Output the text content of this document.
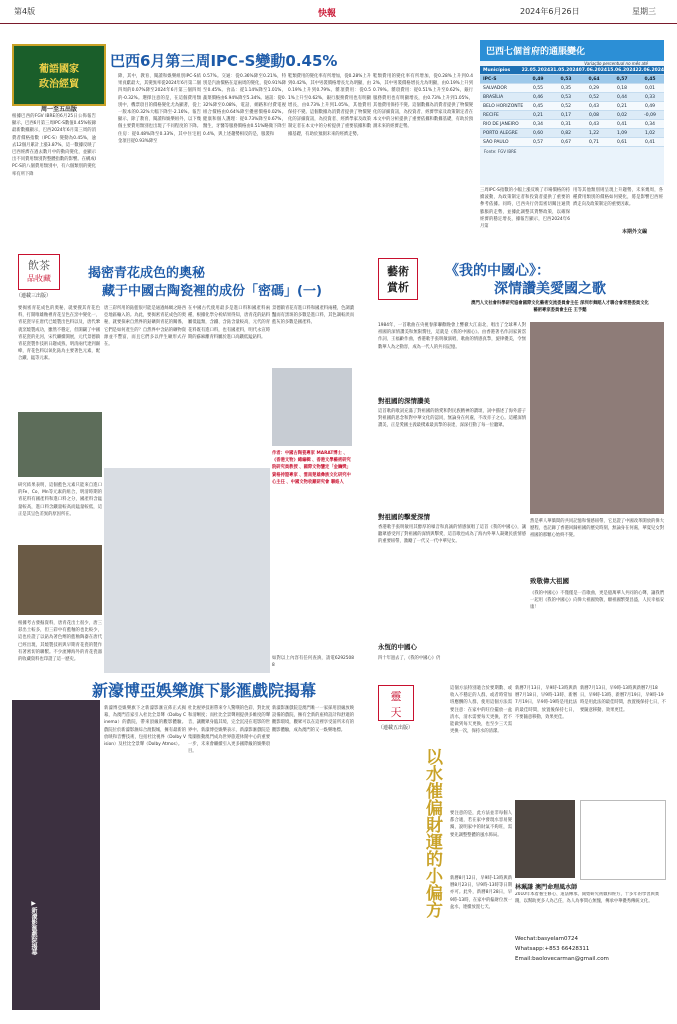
第4版	快報	2024年6月26日	星期三
葡語國家
政治經貿
周一至五出版
巴西6月第三周IPC-S變動0.45%
根據巴西的FGV IBRE的6月25日公佈報告顯示，巴西6月第三周IPC-S數值0.45%較錄最新數據顯示，巴西2024年6月第三周的消費者價格指數（IPC-S）變動為0.45%，逾去12個月累計上漲3.87%，這一數據反映了巴西經濟在過去數月中的動向變化，並顯示出不同費用類別對整體指數的影響。在構成IPC-S的八個費用類別中，有六個類別的變化率有所下降
降，其中，教育、閱讀和娛樂組別IPC-S結果貢獻最大，其變異率從2024年6月第二個四周的0.07%降至2024年6月第三個四周的-0.32%。選擇注意的是，在這個費用類別中，機票項目的價格變化尤為顯著，從上一版本的0.32%大幅下降至-2.16%。報告顯示，除了教育、閱讀和娛樂組外，以下幾個主要費用類別也出現了不同程度的下降。住房：從0.48%降至0.33%，其中住宅租金項目從0.93%降至
0.57%。交通：從0.36%降至0.21%，特別是汽油價格在這兩周的變化，從0.91%降至0.45%。食品：從1.14%降至1.01%，蔬菜價格由6.94%降至5.34%。通訊：從0.32%降至0.08%，電話、網路和付費電視組合價格由0.64%降至優惠價格0.02%。健康和個人護理：從0.73%降至0.67%，醫生、牙醫等服務價格由0.51%略微下降至0.4%，與上述趨勢相反的是，服裝和
鞋類費用的變化率有所增加，從0.28%上升到0.42%，其中男裝價格增長尤為明顯，由0.19%上升到0.79%。雜項費用：從0.51%上升至0.62%，銀行服務費用也有明顯增長，由0.73%上升到1.05%，其他費用保持不變。這個數據為消費者提供了物價變化的詳細資訊，為投資者、經濟學家及政策制定者在本文中的分析提供了重要依據和數據基礎，有助於預測未來的經濟走勢。
鞋類費用的變化率有所增加，從0.28%上升到0.42%，其中男裝價格增長尤為明顯，由0.19%上升到0.79%。雜項費用：從0.51%上升至0.62%，銀行服務費用也有明顯增長，由0.73%上升到1.05%，其他費用保持不變。這個數據為消費者提供了物價變化的詳細資訊，為投資者、經濟學家及政策制定者在本文中的分析提供了重要依據和數據基礎，有助於預測未來的經濟走勢。
三周IPC-S指數的小幅上漲反映了市場價格的持續波動，為政策制定者和投資者提供了重要的參考依據。同時，巴西央行仍需密切關注通貨膨脹的走勢，並據此調整其貨幣政策，以確保經濟的穩定增長，據報告顯示，巴西2024年6月第
用等其他類別則呈現上升趨勢，未來幾周，各種費用類別的價格如何變化，將是影響巴西經濟走向及政策制定的重要因素。
本期外文編
巴西七個首府的通脹變化
Variação percentual no mês até
Municípios	22.05.2024 31.05.2024 07.06.2024 15.06.2024 22.06.2024
IPC-S	0,49	0,53	0,64	0,57	0,45
SALVADOR	0,55	0,35	0,29	0,18	0,01
BRASÍLIA	0,46	0,53	0,52	0,44	0,33
BELO HORIZONTE	0,45	0,52	0,43	0,21	0,49
RECIFE	0,21	0,17	0,08	0,02	-0,09
RIO DE JANEIRO	0,34	0,31	0,43	0,41	0,34
PORTO ALEGRE	0,60	0,82	1,22	1,09	1,02
SÃO PAULO	0,57	0,67	0,71	0,61	0,41
Fonte: FGV IBRE
飲茶
品收藏
（連載三出版）
揭密青花成色的奧秘
藏于中國古陶瓷裡的成份「密碼」(一)
要揭密青花成色的奧秘，就要搜其青花色料，打開唯雄釉裡青花呈色在窯中變化一、青花瓷早在唐代已燒製出色料以及，唐代鞏義窯燒製成功，雖然不穩定，但開闢了中國青花瓷的先河，宋代繼續開展，元代景德鎮青花瓷製作技術日趨成熟，明清兩代達到巔峰，青花色料以氧化鈷為主要著色元素，配合鐵、錳等元素。
研究結果表明，這個藍色元素只能來自進口的Fe、Co、Mn等元素的組合，明清時期的青花料有國產料和進口料之分，國產料含錳量較高，進口料含鐵量較高而錳量較低，這正是其呈色差異的原因所在。
根據考古發掘資料，唐青花出土很少，唐三彩出土較多，但三彩中有藍釉的也比較少，這也佐證了以鈷為著色劑的藍釉陶器在唐代已經出現，其燒製技術與早期青花瓷的製作有著密切的聯繫。不少流傳海外的青花瓷器的收藏資料也印證了這一歷史。
唐三彩所用的鈷藍很可能是通過絲綢之路西亞地區輸入的。為此，要揭密青花成色的奧秘，就要探索自然界的鈷礦與青花的關係，它們是如何產生的？自然界中含鈷的礦物資源並不豐富，而且它們多以伴生礦形式存在。
在中國古代使用最多是進口料和國產料兩種，根據化學分析結果得知，唐青花的鈷料屬低錳類，含鐵、含鈷含量較高，元代的青花料既有進口料，也有國產料，明代永宣時期的蘇麻離青料屬於進口高鐵低錳鈷料。
景德鎮青花有進口料和國產料兩種，色調濃豔而有黑斑的多數是進口料，其色調較淡而藍灰的多數是國產料。
作者：中國古陶瓷專家 MARAT博士 、《香港文物》總編輯 、香港文學藝術研究院研究員教授 、國際文物鑒定「金鑰獎」資格持證專家 、雲南楚雄彝族文化研究中心主任 、中國文物收藏研究會 聯絡人
如對以上內容有任何查詢，請電62925088
藝術
賞析
《我的中國心》：
深情讚美愛國之歌
澳門人文社會科學研究協會國際文化藝術交流委員會主任 深圳市舞蹈人才聯合會常務委員文化藝術專家委員會主任 王予懿
1984年，一首歌曲在央視春節聯歡晚會上響徹大江南北，唱出了全球華人對祖國的深情讚美和無限嚮往，這就是《我的中國心》。由香港著名作詞家黃霑作詞、王福齡作曲，香港歌手張明敏演唱，歌曲的情感真摯，旋律優美，令無數華人為之動容，成為一代人的共同記憶。
對祖國的深情讚美
這首歌的歌詞充滿了對祖國的熱愛和對民族精神的讚頌，詞中描述了海外游子對祖國的思念和對中華文化的認同，無論身在何處，不改赤子之心。這種深情讚美，正是愛國主義最樸素最真摯的表達，深深打動了每一位聽眾。
對祖國的擊愛深情
香港歌手張明敏用其醇厚的嗓音和真誠的情感演唱了這首《我的中國心》，讓聽眾感受到了對祖國的深情與擊愛，這首歌也成為了海內外華人凝聚民族情感的重要紐帶，激勵了一代又一代中華兒女。
永恆的中國心
四十年過去了，《我的中國心》仍
然是華人華僑間的共同記憶和情感紐帶，它見證了中國改革開放的偉大歷程，也記錄了香港回歸祖國的歷史時刻，無論身在何處，華夏兒女對祖國的那顆心始終不變。
致敬偉大祖國
《我的中國心》不僅僅是一首歌曲，更是億萬華人共同的心聲，讓我們一起用《我的中國心》向偉大祖國致敬，願祖國繁榮昌盛，人民幸福安康！
新濠博亞娛樂旗下影滙戲院揭幕
▶新濠影滙戲院揭幕
新濠博亞娛樂旗下之新濠影滙宣佈正式揭幕，為澳門首家引入杜比全景聲（Dolby Cinema）的戲院，帶來頂級的觀影體驗。戲院位於新濠影滙綜合渡假城，擁有最新的放映和音響技術，包括杜比視界（Dolby Vision）及杜比全景聲（Dolby Atmos）。
杜比視界技術帶來令人驚嘆的色彩、對比度和清晰度；而杜比全景聲則提供多維度的聲音，讓觀眾身臨其境，完全沉浸在電影的世界中。新濠博亞娛樂表示，新濠影滙戲院是集團推動澳門成為世界旅遊休閒中心的重要一步，未來會繼續引入更多國際級的娛樂項目。
新濠影滙戲院是澳門唯一一家採用頂級放映設備的戲院，擁有全新的座椅設計和舒適的觀影環境，觀眾可以在這裡享受前所未有的觀影體驗，成為澳門的又一娛樂地標。
靈
天
（連載五出版）
以水催偏財運的小偏方
這個方法特別適合於要期數、或收入不穩定的人群，或者時常加班應酬的人群，使用這個方法需要注意：在家中的旺位擺放一盆清水，清水需要每天更換，若不能做到每天更換，也至少三天需更換一次，保持水的清潔。
要注意的是，此方法並非每個人都合適，若在家中發現水容易變濁，說明家中的財氣不夠旺，需要先調整整體的風水佈局。
新曆8月12日，早9時-13時與新曆8月23日，早9時-13時等日期亦可。此外，新曆8月28日，早9時-13時，在家中的偏財位放一盆水，連續放置七天。
新曆7月13日，早9時-13時與新曆7月18日，早9時-13時、新曆7月19日，早9時-19時是用此法的最佳時間，放置後保持七日，不要隨意移動，效果更佳。
新曆7月13日，早9時-13時與新曆7月18日，早9時-13時、新曆7月19日，早9時-19時是用此法的最佳時間，放置後保持七日，不要隨意移動，效果更佳。
林珮謙 澳門命理風水師
2010年本着養生修心、道法傳承，開始研究術數和經方，十多年的學習與實踐，以幫助更多人為己任，為人為事問心無愧，傳承中華優秀傳統文化。
Wechat:basyelam0724
Whatsapp:+853 66428311
Email:baolovecarman@gmail.com
